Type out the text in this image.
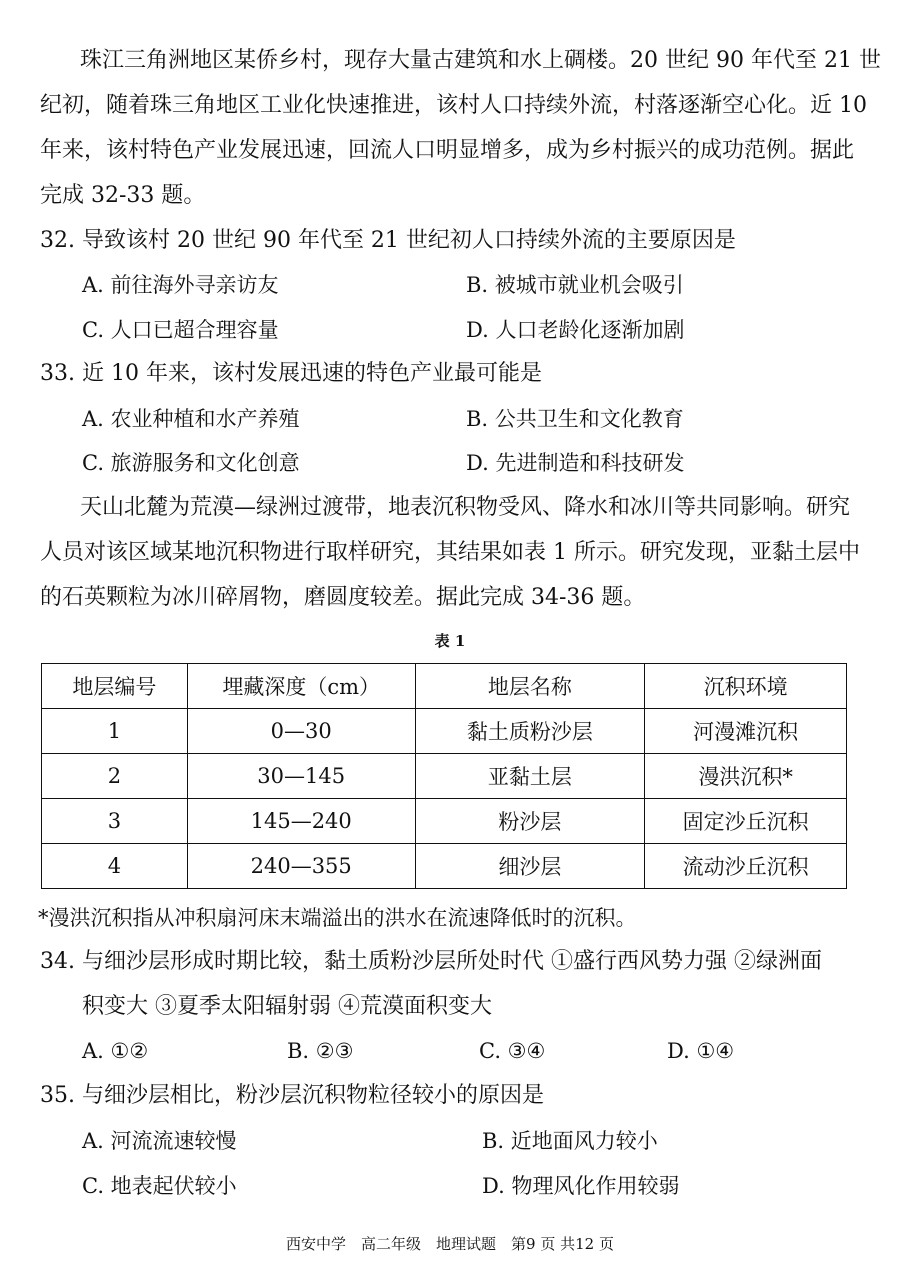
珠江三角洲地区某侨乡村，现存大量古建筑和水上碉楼。20 世纪 90 年代至 21 世
纪初，随着珠三角地区工业化快速推进，该村人口持续外流，村落逐渐空心化。近 10
年来，该村特色产业发展迅速，回流人口明显增多，成为乡村振兴的成功范例。据此
完成 32-33 题。
32. 导致该村 20 世纪 90 年代至 21 世纪初人口持续外流的主要原因是
A. 前往海外寻亲访友	B. 被城市就业机会吸引
C. 人口已超合理容量	D. 人口老龄化逐渐加剧
33. 近 10 年来，该村发展迅速的特色产业最可能是
A. 农业种植和水产养殖	B. 公共卫生和文化教育
C. 旅游服务和文化创意	D. 先进制造和科技研发
天山北麓为荒漠—绿洲过渡带，地表沉积物受风、降水和冰川等共同影响。研究
人员对该区域某地沉积物进行取样研究，其结果如表 1 所示。研究发现，亚黏土层中
的石英颗粒为冰川碎屑物，磨圆度较差。据此完成 34-36 题。
表 1
地层编号	埋藏深度（cm）	地层名称	沉积环境
1	0—30	黏土质粉沙层	河漫滩沉积
2	30—145	亚黏土层	漫洪沉积*
3	145—240	粉沙层	固定沙丘沉积
4	240—355	细沙层	流动沙丘沉积
*漫洪沉积指从冲积扇河床末端溢出的洪水在流速降低时的沉积。
34. 与细沙层形成时期比较，黏土质粉沙层所处时代 ①盛行西风势力强 ②绿洲面
积变大 ③夏季太阳辐射弱 ④荒漠面积变大
A. ①②	B. ②③	C. ③④	D. ①④
35. 与细沙层相比，粉沙层沉积物粒径较小的原因是
A. 河流流速较慢	B. 近地面风力较小
C. 地表起伏较小	D. 物理风化作用较弱
西安中学　高二年级　地理试题　第9 页 共12 页
